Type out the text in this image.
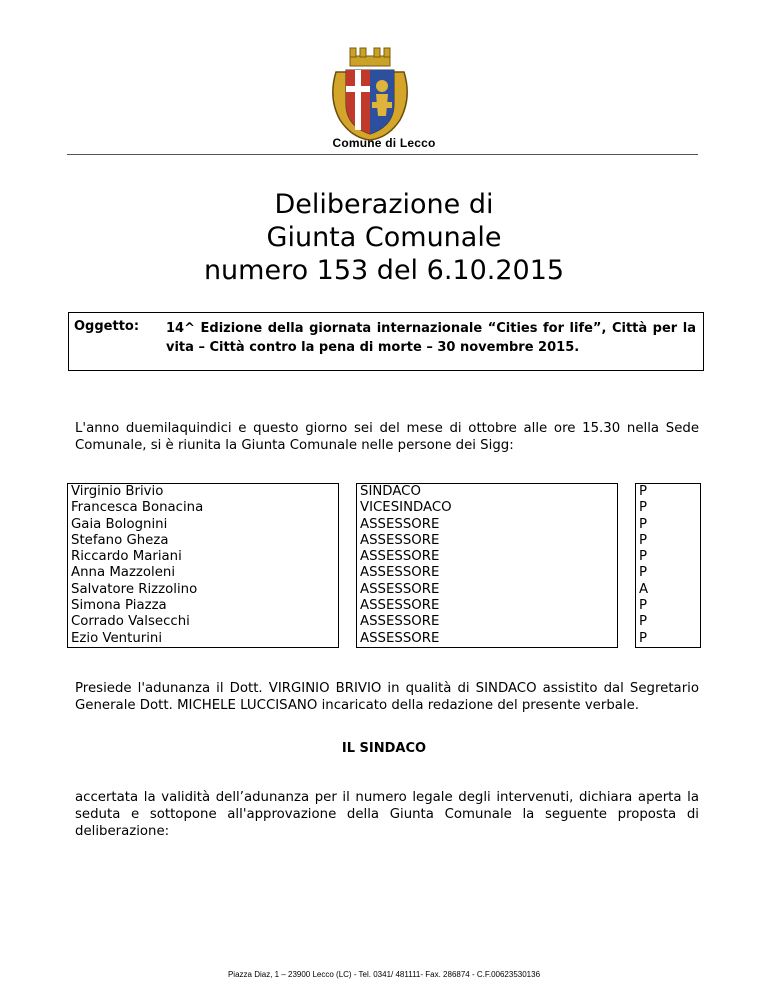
Comune di Lecco
Deliberazione di
Giunta Comunale
numero 153 del 6.10.2015
Oggetto: 14^ Edizione della giornata internazionale “Cities for life”, Città per la vita – Città contro la pena di morte – 30 novembre 2015.
L'anno duemilaquindici e questo giorno sei del mese di ottobre alle ore 15.30 nella Sede Comunale, si è riunita la Giunta Comunale nelle persone dei Sigg:
Virginio Brivio		SINDACO		P
Francesca Bonacina		VICESINDACO		P
Gaia Bolognini		ASSESSORE		P
Stefano Gheza		ASSESSORE		P
Riccardo Mariani		ASSESSORE		P
Anna Mazzoleni		ASSESSORE		P
Salvatore Rizzolino		ASSESSORE		A
Simona Piazza		ASSESSORE		P
Corrado Valsecchi		ASSESSORE		P
Ezio Venturini		ASSESSORE		P
Presiede l'adunanza il Dott. VIRGINIO BRIVIO in qualità di SINDACO assistito dal Segretario Generale Dott. MICHELE LUCCISANO incaricato della redazione del presente verbale.
IL SINDACO
accertata la validità dell’adunanza per il numero legale degli intervenuti, dichiara aperta la seduta e sottopone all'approvazione della Giunta Comunale la seguente proposta di deliberazione:
Piazza Diaz, 1 – 23900 Lecco (LC) - Tel. 0341/ 481111- Fax. 286874 - C.F.00623530136
